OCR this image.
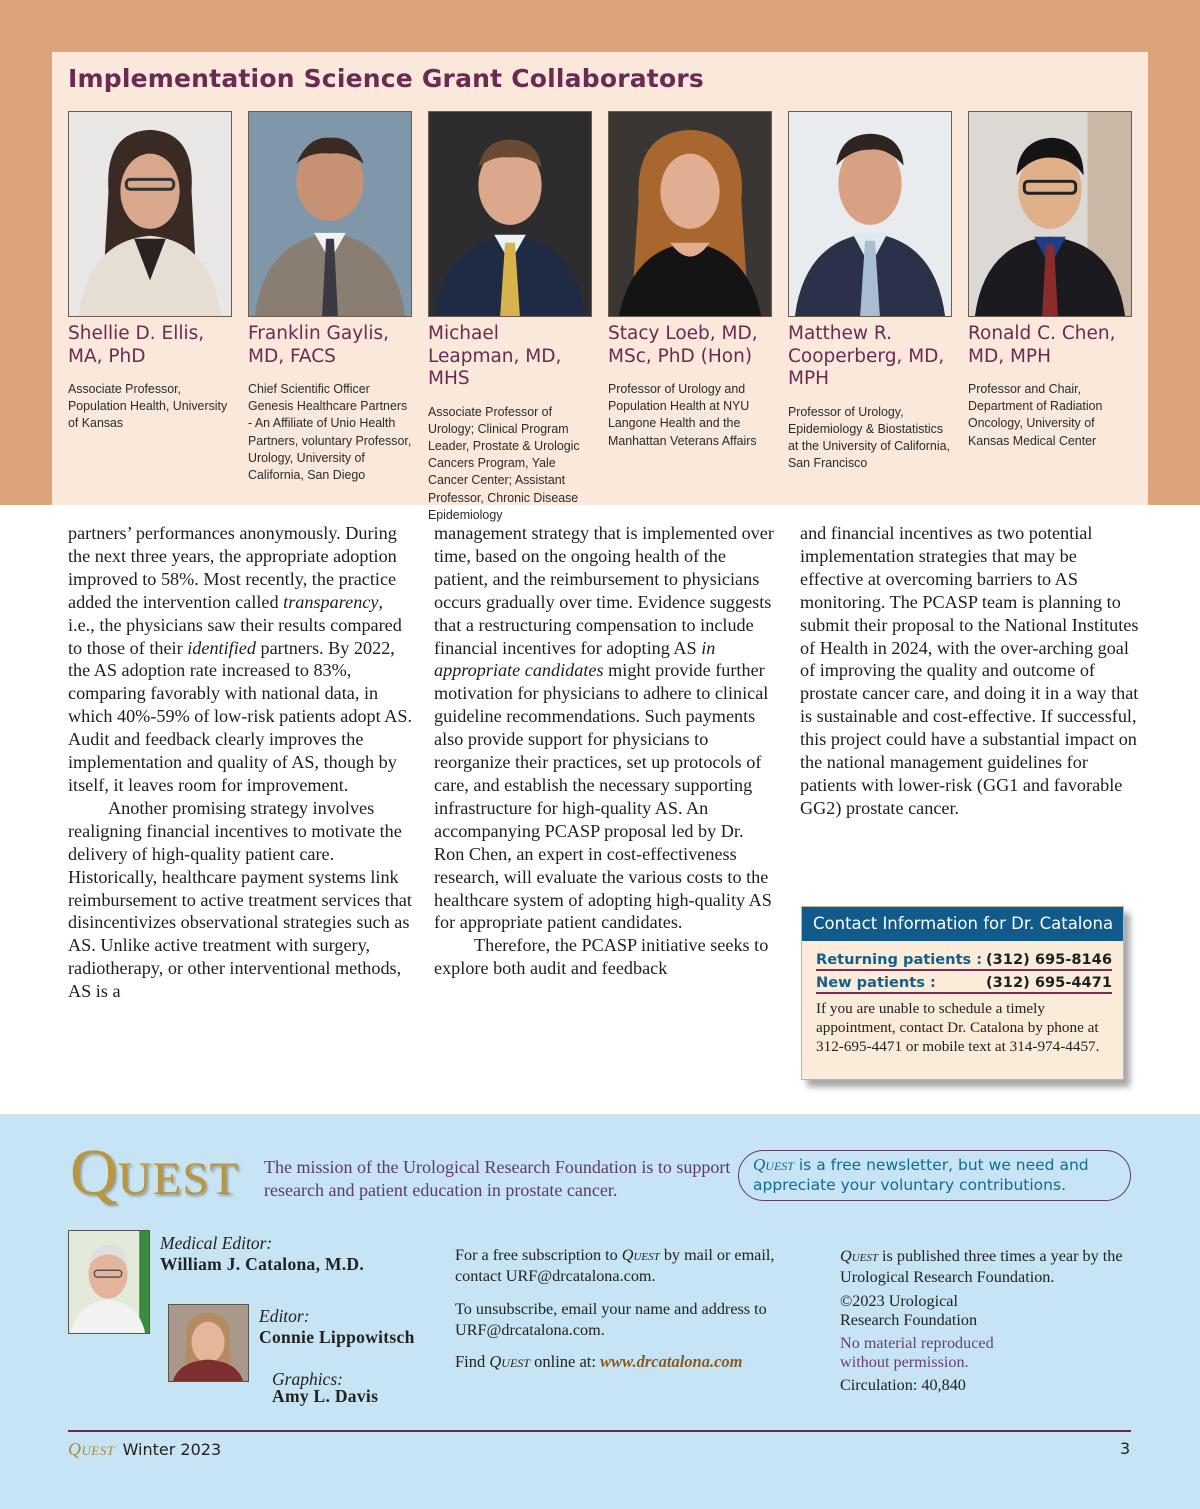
Implementation Science Grant Collaborators
Shellie D. Ellis, MA, PhD
Associate Professor, Population Health, University of Kansas
Franklin Gaylis, MD, FACS
Chief Scientific Officer Genesis Healthcare Partners - An Affiliate of Unio Health Partners, voluntary Professor, Urology, University of California, San Diego
Michael Leapman, MD, MHS
Associate Professor of Urology; Clinical Program Leader, Prostate & Urologic Cancers Program, Yale Cancer Center; Assistant Professor, Chronic Disease Epidemiology
Stacy Loeb, MD, MSc, PhD (Hon)
Professor of Urology and Population Health at NYU Langone Health and the Manhattan Veterans Affairs
Matthew R. Cooperberg, MD, MPH
Professor of Urology, Epidemiology & Biostatistics at the University of California, San Francisco
Ronald C. Chen, MD, MPH
Professor and Chair, Department of Radiation Oncology, University of Kansas Medical Center

partners’ performances anonymously. During the next three years, the appropriate adoption improved to 58%. Most recently, the practice added the intervention called transparency, i.e., the physicians saw their results compared to those of their identified partners. By 2022, the AS adoption rate increased to 83%, comparing favorably with national data, in which 40%-59% of low-risk patients adopt AS. Audit and feedback clearly improves the implementation and quality of AS, though by itself, it leaves room for improvement.

Another promising strategy involves realigning financial incentives to motivate the delivery of high-quality patient care. Historically, healthcare payment systems link reimbursement to active treatment services that disincentivizes observational strategies such as AS. Unlike active treatment with surgery, radiotherapy, or other interventional methods, AS is a

management strategy that is implemented over time, based on the ongoing health of the patient, and the reimbursement to physicians occurs gradually over time. Evidence suggests that a restructuring compensation to include financial incentives for adopting AS in appropriate candidates might provide further motivation for physicians to adhere to clinical guideline recommendations. Such payments also provide support for physicians to reorganize their practices, set up protocols of care, and establish the necessary supporting infrastructure for high-quality AS. An accompanying PCASP proposal led by Dr. Ron Chen, an expert in cost-effectiveness research, will evaluate the various costs to the healthcare system of adopting high-quality AS for appropriate patient candidates.

Therefore, the PCASP initiative seeks to explore both audit and feedback

and financial incentives as two potential implementation strategies that may be effective at overcoming barriers to AS monitoring. The PCASP team is planning to submit their proposal to the National Institutes of Health in 2024, with the over-arching goal of improving the quality and outcome of prostate cancer care, and doing it in a way that is sustainable and cost-effective. If successful, this project could have a substantial impact on the national management guidelines for patients with lower-risk (GG1 and favorable GG2) prostate cancer.

Contact Information for Dr. Catalona
Returning patients : (312) 695-8146
New patients :	(312) 695-4471
If you are unable to schedule a timely appointment, contact Dr. Catalona by phone at 312-695-4471 or mobile text at 314-974-4457.
Q UEST The mission of the Urological Research Foundation is to support research and patient education in prostate cancer.
Quest is a free newsletter, but we need and appreciate your voluntary contributions.
Medical Editor:
William J. Catalona, M.D.
Editor:
Connie Lippowitsch
Graphics:
Amy L. Davis
For a free subscription to Quest by mail or email, contact URF@drcatalona.com.
To unsubscribe, email your name and address to URF@drcatalona.com.
Find Quest online at: www.drcatalona.com
Quest is published three times a year by the Urological Research Foundation.
©2023 Urological Research Foundation
No material reproduced without permission.
Circulation: 40,840
Quest Winter 2023	3
